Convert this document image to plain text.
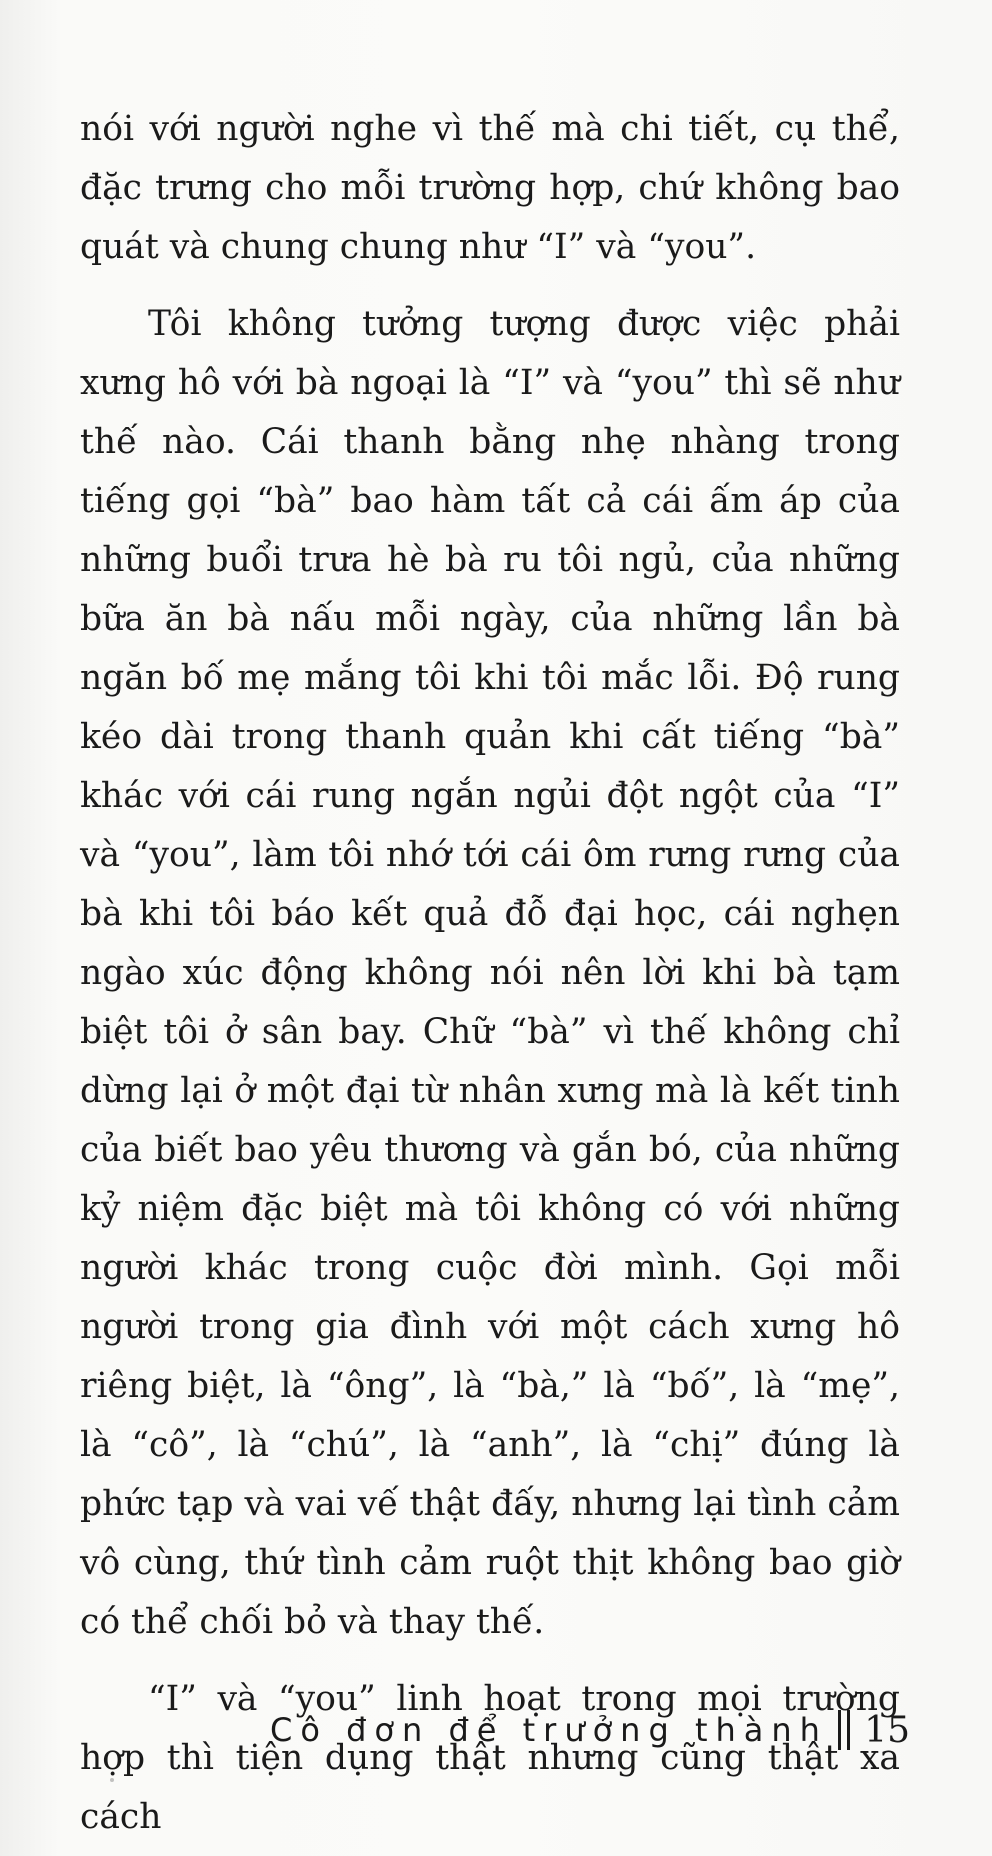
nói với người nghe vì thế mà chi tiết, cụ thể, đặc trưng cho mỗi trường hợp, chứ không bao quát và chung chung như “I” và “you”.

Tôi không tưởng tượng được việc phải xưng hô với bà ngoại là “I” và “you” thì sẽ như thế nào. Cái thanh bằng nhẹ nhàng trong tiếng gọi “bà” bao hàm tất cả cái ấm áp của những buổi trưa hè bà ru tôi ngủ, của những bữa ăn bà nấu mỗi ngày, của những lần bà ngăn bố mẹ mắng tôi khi tôi mắc lỗi. Độ rung kéo dài trong thanh quản khi cất tiếng “bà” khác với cái rung ngắn ngủi đột ngột của “I” và “you”, làm tôi nhớ tới cái ôm rưng rưng của bà khi tôi báo kết quả đỗ đại học, cái nghẹn ngào xúc động không nói nên lời khi bà tạm biệt tôi ở sân bay. Chữ “bà” vì thế không chỉ dừng lại ở một đại từ nhân xưng mà là kết tinh của biết bao yêu thương và gắn bó, của những kỷ niệm đặc biệt mà tôi không có với những người khác trong cuộc đời mình. Gọi mỗi người trong gia đình với một cách xưng hô riêng biệt, là “ông”, là “bà,” là “bố”, là “mẹ”, là “cô”, là “chú”, là “anh”, là “chị” đúng là phức tạp và vai vế thật đấy, nhưng lại tình cảm vô cùng, thứ tình cảm ruột thịt không bao giờ có thể chối bỏ và thay thế.

“I” và “you” linh hoạt trong mọi trường hợp thì tiện dụng thật nhưng cũng thật xa cách

Cô đơn để trưởng thành 15
